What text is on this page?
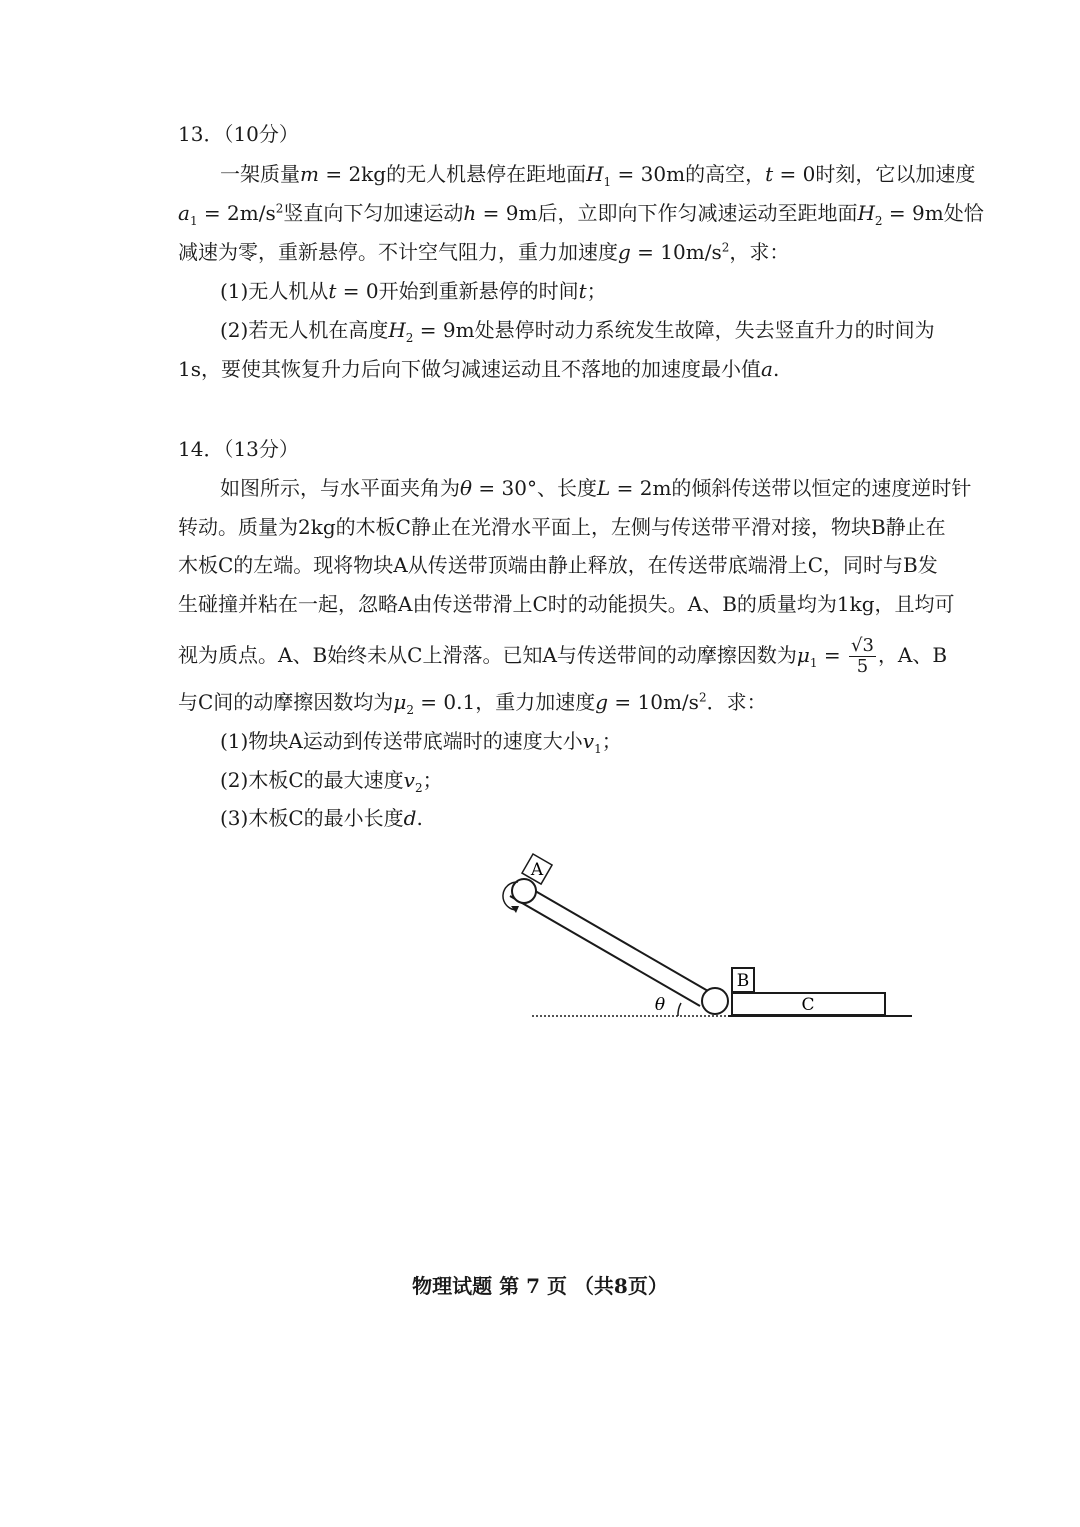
13．（10分）
一架质量m = 2kg的无人机悬停在距地面$H_1 = 30m$的高空，t = 0时刻，它以加速度
$a_1 = 2m/s^2$竖直向下匀加速运动h = 9m后，立即向下作匀减速运动至距地面$H_2 = 9m$处恰
减速为零，重新悬停。不计空气阻力，重力加速度$g = 10m/s^2$，求：
(1)无人机从t = 0开始到重新悬停的时间t；
(2)若无人机在高度$H_2 = 9m$处悬停时动力系统发生故障，失去竖直升力的时间为
1s，要使其恢复升力后向下做匀减速运动且不落地的加速度最小值a.
14．（13分）
如图所示，与水平面夹角为θ = 30°、长度L = 2m的倾斜传送带以恒定的速度逆时针
转动。质量为2kg的木板C静止在光滑水平面上，左侧与传送带平滑对接，物块B静止在
木板C的左端。现将物块A从传送带顶端由静止释放，在传送带底端滑上C，同时与B发
生碰撞并粘在一起，忽略A由传送带滑上C时的动能损失。A、B的质量均为1kg，且均可
视为质点。A、B始终未从C上滑落。已知A与传送带间的动摩擦因数为$\mu_1 = \frac{√3}{5}$ ，A、B
与C间的动摩擦因数均为$\mu_2 = 0.1$，重力加速度$g = 10m/s^2$．求：
(1)物块A运动到传送带底端时的速度大小$v_1$；
(2)木板C的最大速度$v_2$；
(3)木板C的最小长度d.
A
C
B
θ
物理试题 第 7 页 （共8页）
